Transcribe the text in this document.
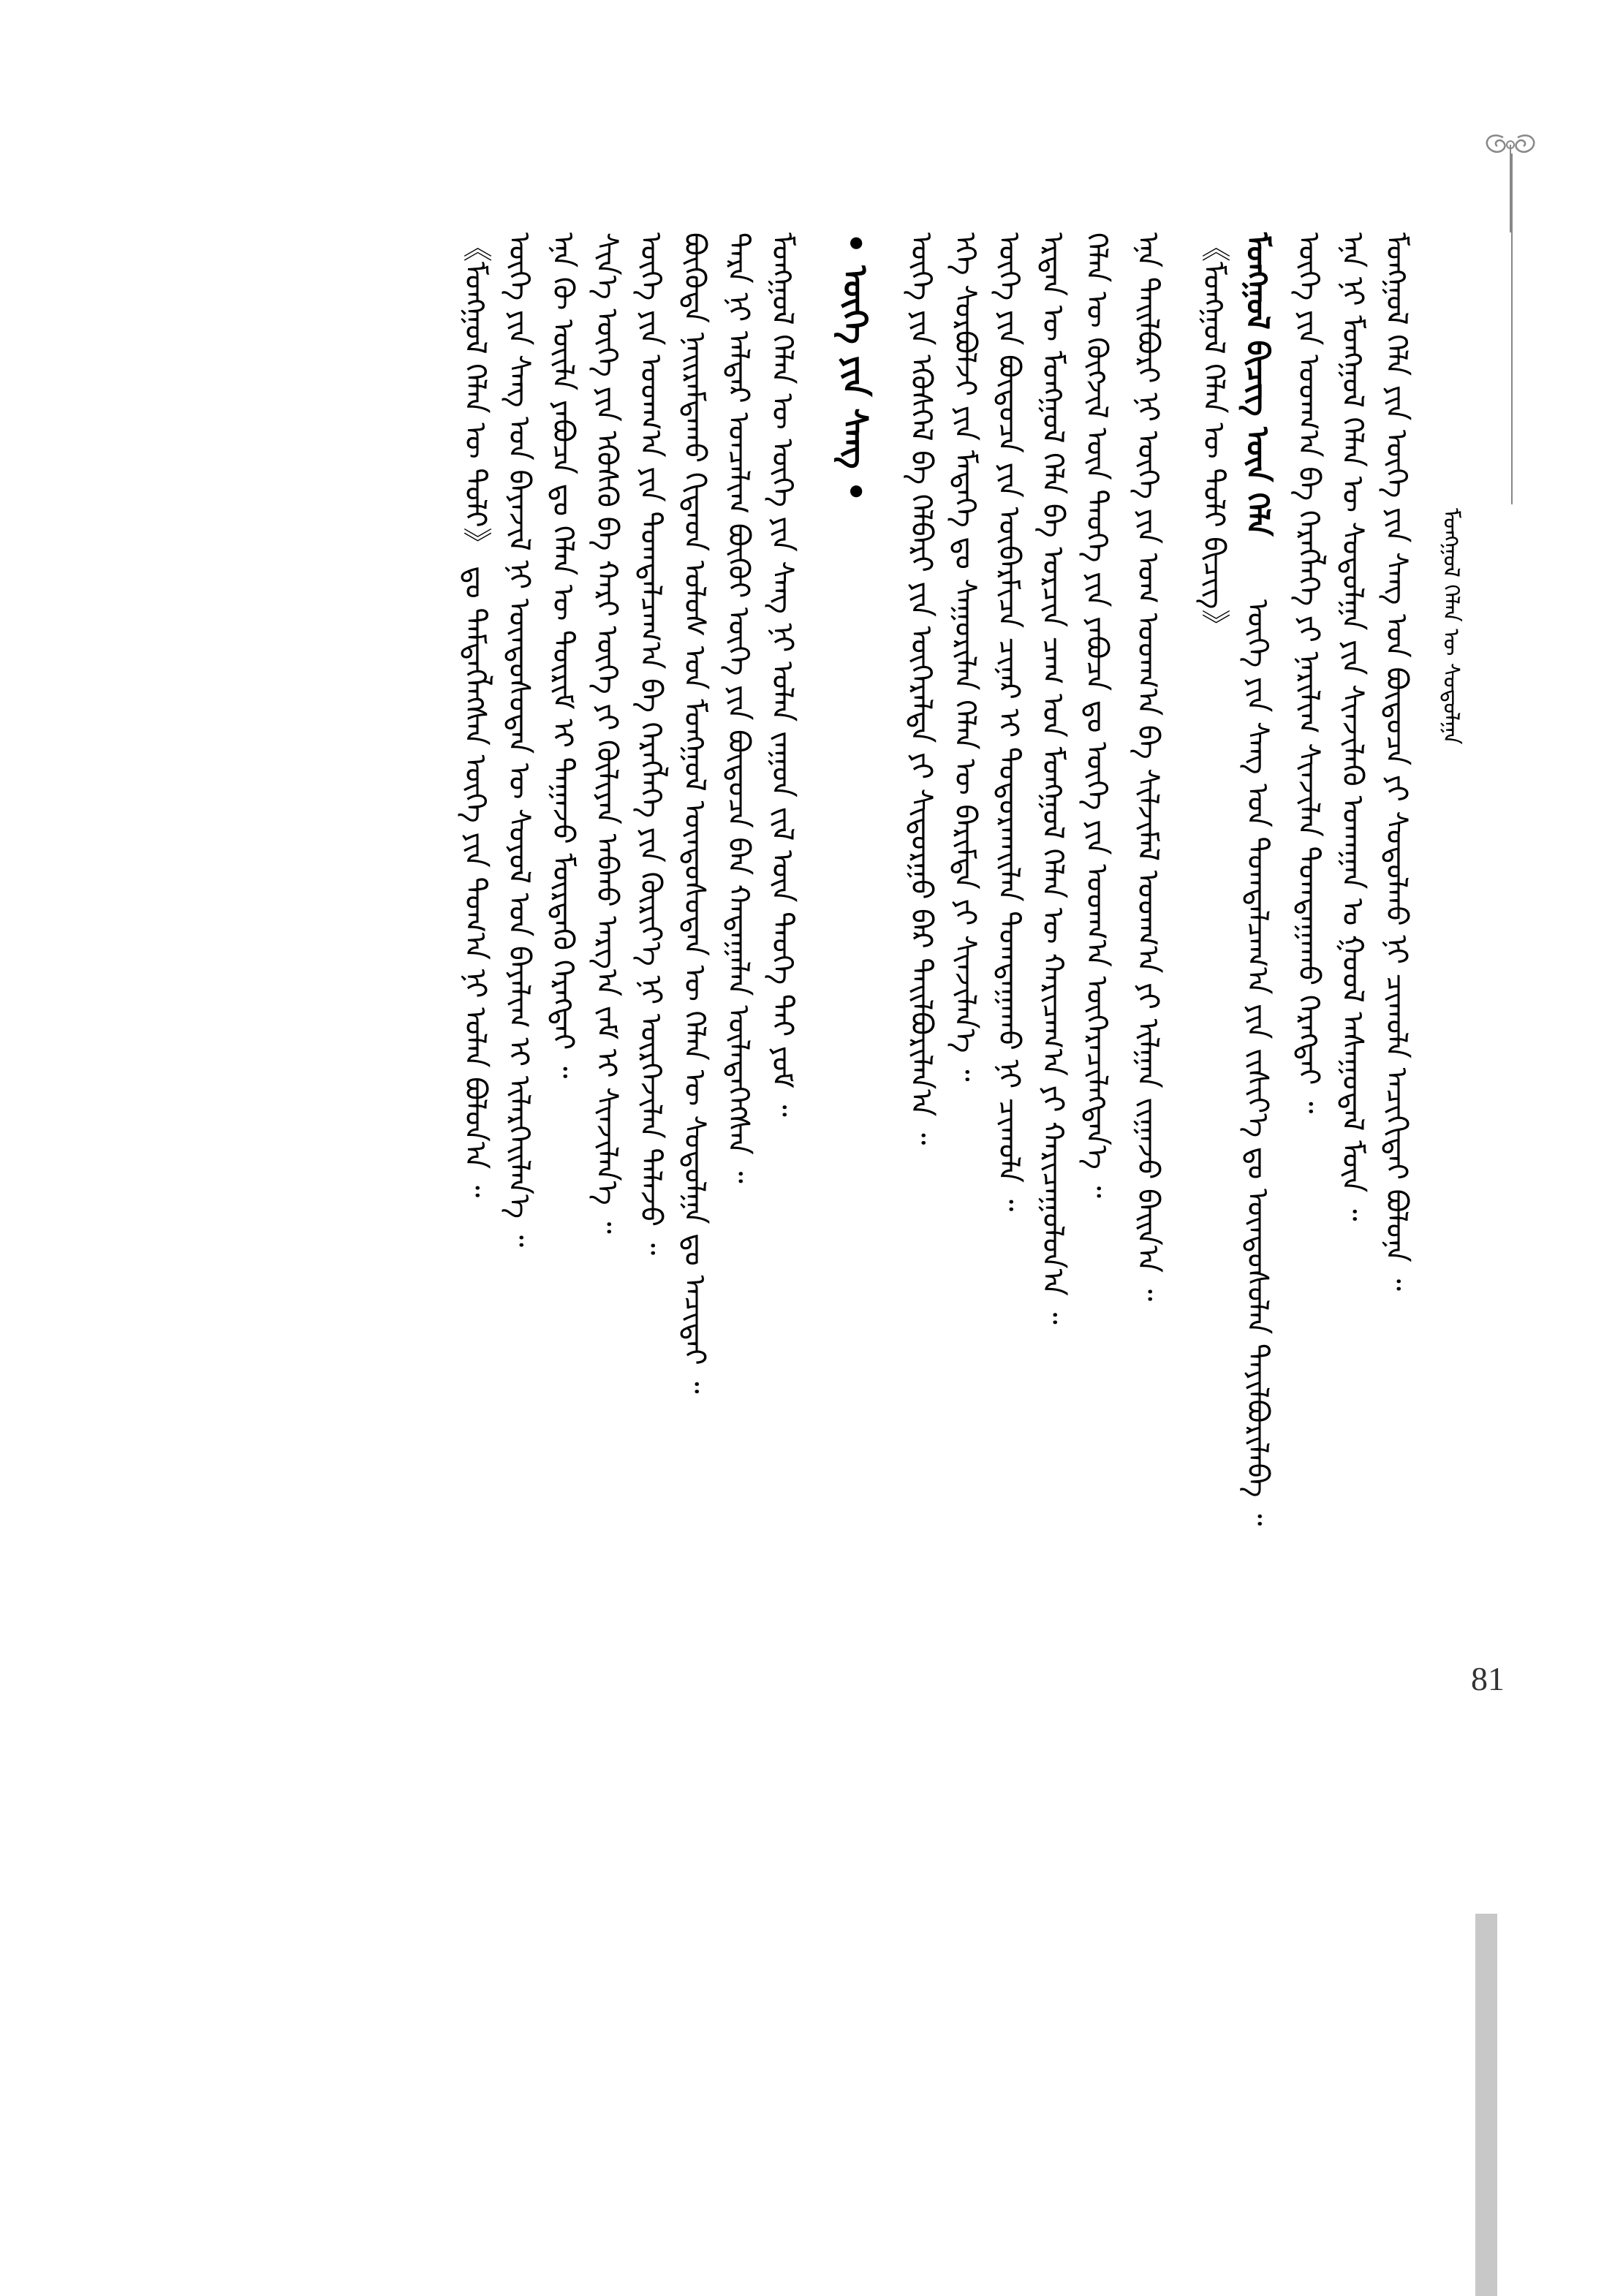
ᠮᠣᠩᠭᠣᠯ ᠬᠡᠯᠡᠨ ᠦ ᠰᠤᠳᠤᠯᠭᠠ
ᠮᠣᠩᠭᠣᠯ ᠬᠡᠯᠡ ᠶᠢᠨ ᠦᠭᠡ ᠶᠢᠨ ᠰᠠᠩ ᠤᠨ ᠪᠦᠲᠦᠴᠡ ᠶᠢ ᠰᠤᠳᠤᠯᠬᠤ ᠨᠢ ᠴᠢᠬᠤᠯᠠ ᠠᠴᠢᠬᠢᠲᠠᠢ ᠪᠣᠯᠤᠨᠠ ᠃
ᠡᠨᠡ ᠨᠢ ᠮᠣᠩᠭᠣᠯ ᠬᠡᠯᠡᠨ ᠦ ᠰᠤᠳᠤᠯᠭᠠ ᠶᠢᠨ ᠰᠢᠨᠵᠢᠯᠡᠬᠦ ᠤᠬᠠᠭᠠᠨ ᠤ ᠭᠣᠣᠯ ᠠᠰᠠᠭᠤᠳᠠᠯ ᠮᠥᠨ ᠃
ᠦᠭᠡ ᠶᠢᠨ ᠤᠳᠬ᠎ᠠ ᠪᠠ ᠬᠡᠷᠡᠭᠯᠡᠭᠡ ᠶᠢ ᠨᠠᠷᠢᠯᠢᠭ ᠰᠢᠨᠵᠢᠯᠡᠨ ᠲᠣᠭᠲᠠᠭᠠᠬᠤ ᠬᠡᠷᠡᠭᠲᠡᠢ ᠃
ᠮᠣᠩᠭᠣᠯ ᠪᠢᠴᠢᠭ ᠦᠨ ᠬᠡᠯᠡ
ᠦᠭᠡ ᠶᠢᠨ ᠰᠠᠩ ᠤᠨ ᠲᠣᠭᠲᠠᠯᠴᠠᠭ᠎ᠠ ᠶᠢᠨ ᠵᠢᠱᠢᠶ᠎ᠡ ᠳᠤ ᠦᠨᠳᠦᠰᠦᠯᠡᠨ ᠲᠠᠶᠢᠯᠪᠤᠷᠢᠯᠠᠪᠠ ᠃
《ᠮᠣᠩᠭᠣᠯ ᠬᠡᠯᠡᠨ ᠦ ᠲᠣᠯᠢ ᠪᠢᠴᠢᠭ》
ᠡᠨᠡ ᠲᠠᠢᠯᠪᠤᠷᠢ ᠨᠢ ᠦᠭᠡ ᠶᠢᠨ ᠤᠭ ᠤᠳᠬ᠎ᠠ ᠪᠠ ᠰᠢᠯᠵᠢᠮᠡᠯ ᠤᠳᠬ᠎ᠠ ᠶᠢ ᠢᠯᠭᠠᠨ ᠵᠢᠭᠠᠵᠤ ᠪᠠᠢᠨ᠎ᠠ ᠃
ᠬᠡᠯᠡᠨ ᠦ ᠬᠥᠭᠵᠢᠯ ᠦᠨ ᠲᠡᠦᠬᠡ ᠶᠢᠨ ᠶᠠᠪᠤᠴᠠ ᠳᠤ ᠦᠭᠡ ᠶᠢᠨ ᠤᠳᠬ᠎ᠠ ᠥᠭᠡᠷᠡᠴᠢᠯᠡᠭᠳᠡᠨ᠎ᠡ ᠃
ᠡᠷᠲᠡᠨ ᠦ ᠮᠣᠩᠭᠣᠯ ᠬᠡᠯᠡ ᠪᠠ ᠣᠷᠴᠢᠨ ᠴᠠᠭ ᠤᠨ ᠮᠣᠩᠭᠣᠯ ᠬᠡᠯᠡᠨ ᠦ ᠬᠠᠷᠢᠴᠠᠭ᠎ᠠ ᠶᠢ ᠬᠠᠷᠢᠴᠠᠭᠤᠯᠤᠨ᠎ᠠ ᠃
ᠦᠭᠡ ᠶᠢᠨ ᠪᠦᠲᠦᠴᠡ ᠶᠢᠨ ᠥᠪᠡᠷᠮᠢᠴᠡ ᠴᠢᠨᠠᠷ ᠢ ᠲᠣᠳᠣᠷᠬᠠᠢᠯᠠᠨ ᠲᠣᠭᠲᠠᠭᠠᠬᠤ ᠨᠢ ᠴᠢᠬᠤᠯᠠ ᠃
ᠡᠬᠡ ᠰᠤᠷᠪᠤᠯᠵᠢ ᠶᠢᠨ ᠮᠡᠳᠡᠭᠡ ᠳᠤ ᠰᠠᠭᠤᠷᠢᠯᠠᠨ ᠬᠡᠯᠡᠨ ᠦ ᠪᠠᠷᠢᠮᠲᠠ ᠶᠢ ᠰᠢᠨᠵᠢᠯᠡᠨ᠎ᠡ ᠃
ᠦᠭᠡ ᠶᠢᠨ ᠡᠭᠦᠰᠬᠡᠯ ᠪᠠ ᠬᠡᠯᠪᠡᠷᠢ ᠶᠢᠨ ᠥᠭᠡᠷᠡᠯᠲᠡ ᠶᠢ ᠰᠢᠳᠤᠷᠭᠤ ᠪᠠᠷ ᠲᠠᠢᠯᠪᠤᠷᠢᠯᠠᠨ᠎ᠠ ᠃
• ᠦᠭᠡ ᠶᠢᠨ ᠰᠠᠩ •
ᠮᠣᠩᠭᠣᠯ ᠬᠡᠯᠡᠨ ᠦ ᠦᠭᠡ ᠶᠢᠨ ᠰᠠᠩ ᠨᠢ ᠣᠯᠠᠨ ᠵᠠᠭᠤᠨ ᠵᠢᠯ ᠦᠨ ᠲᠡᠦᠬᠡ ᠲᠡᠢ ᠶᠤᠮ ᠃
ᠲᠡᠷᠡ ᠨᠢ ᠠᠯᠳᠠᠷ ᠣᠨᠴᠠᠯᠢᠭ ᠪᠦᠬᠦᠢ ᠦᠭᠡ ᠶᠢᠨ ᠪᠦᠲᠦᠴᠡ ᠪᠠᠨ ᠬᠠᠳᠠᠭᠠᠯᠠᠨ ᠦᠯᠡᠳᠡᠭᠡᠭᠰᠡᠨ ᠃
ᠪᠦᠭᠦᠳᠡ ᠨᠠᠢᠷᠠᠮᠳᠠᠬᠤ ᠬᠢᠲᠠᠳ ᠤᠯᠤᠰ ᠤᠨ ᠮᠣᠩᠭᠣᠯ ᠦᠨᠳᠦᠰᠦᠲᠡᠨ ᠦ ᠬᠡᠯᠡᠨ ᠦ ᠰᠤᠳᠤᠯᠭᠠ ᠳᠤ ᠠᠴᠢᠲᠠᠢ ᠃
ᠦᠭᠡ ᠶᠢᠨ ᠤᠳᠬ᠎ᠠ ᠶᠢᠨ ᠲᠣᠭᠲᠠᠯᠴᠠᠭ᠎ᠠ ᠪᠠ ᠬᠡᠷᠡᠭᠯᠡᠭᠡ ᠶᠢᠨ ᠬᠦᠷᠢᠶ᠎ᠡ ᠨᠢ ᠦᠷᠭᠡᠵᠢᠯᠡᠨ ᠲᠡᠯᠡᠵᠦ ᠃
ᠰᠢᠨ᠎ᠡ ᠦᠭᠡ ᠶᠢᠨ ᠡᠭᠦᠰᠬᠦ ᠪᠠ ᠬᠠᠷᠢ ᠦᠭᠡ ᠶᠢ ᠬᠦᠯᠢᠶᠡᠨ ᠠᠪᠬᠤ ᠠᠷᠭ᠎ᠠ ᠵᠠᠮ ᠢ ᠰᠢᠨᠵᠢᠯᠡᠨ᠎ᠡ ᠃
ᠡᠨᠡ ᠬᠦ ᠦᠢᠯᠡ ᠶᠠᠪᠤᠴᠠ ᠳᠤ ᠬᠡᠯᠡᠨ ᠦ ᠳᠦᠷᠢᠮ ᠢ ᠳᠠᠭᠠᠵᠤ ᠮᠥᠷᠳᠡᠬᠦ ᠬᠡᠷᠡᠭᠲᠡᠢ ᠃
ᠦᠭᠡ ᠶᠢᠨ ᠰᠠᠩ ᠤᠨ ᠪᠠᠶᠠᠵᠢᠯ ᠨᠢ ᠦᠨᠳᠦᠰᠦᠲᠡᠨ ᠦ ᠰᠣᠶᠣᠯ ᠤᠨ ᠪᠠᠶᠠᠯᠢᠭ ᠢ ᠢᠯᠡᠷᠬᠡᠢᠯᠡᠨ᠎ᠡ ᠃
《ᠮᠣᠩᠭᠣᠯ ᠬᠡᠯᠡᠨ ᠦ ᠲᠣᠯᠢ》 ᠳᠤ ᠲᠡᠮᠳᠡᠭᠯᠡᠭᠰᠡᠨ ᠦᠭᠡ ᠶᠢᠨ ᠲᠣᠭ᠎ᠠ ᠨᠢ ᠣᠯᠠᠨ ᠪᠣᠯᠤᠨ᠎ᠠ ᠃
81
